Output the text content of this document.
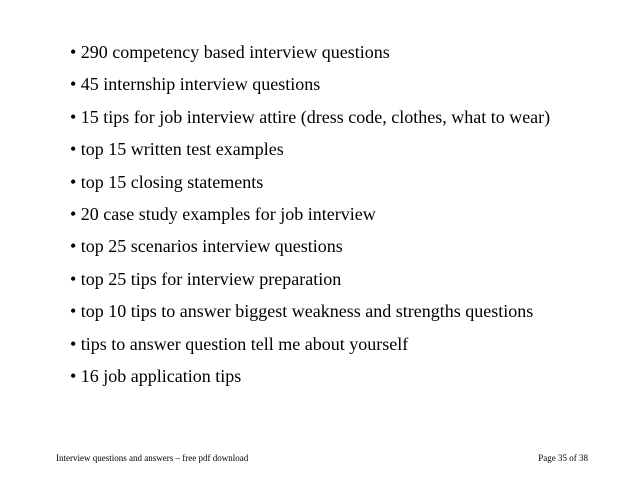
• 290 competency based interview questions
• 45 internship interview questions
• 15 tips for job interview attire (dress code, clothes, what to wear)
• top 15 written test examples
• top 15 closing statements
• 20 case study examples for job interview
• top 25 scenarios interview questions
• top 25 tips for interview preparation
• top 10 tips to answer biggest weakness and strengths questions
• tips to answer question tell me about yourself
• 16 job application tips
Interview questions and answers – free pdf download	Page 35 of 38
